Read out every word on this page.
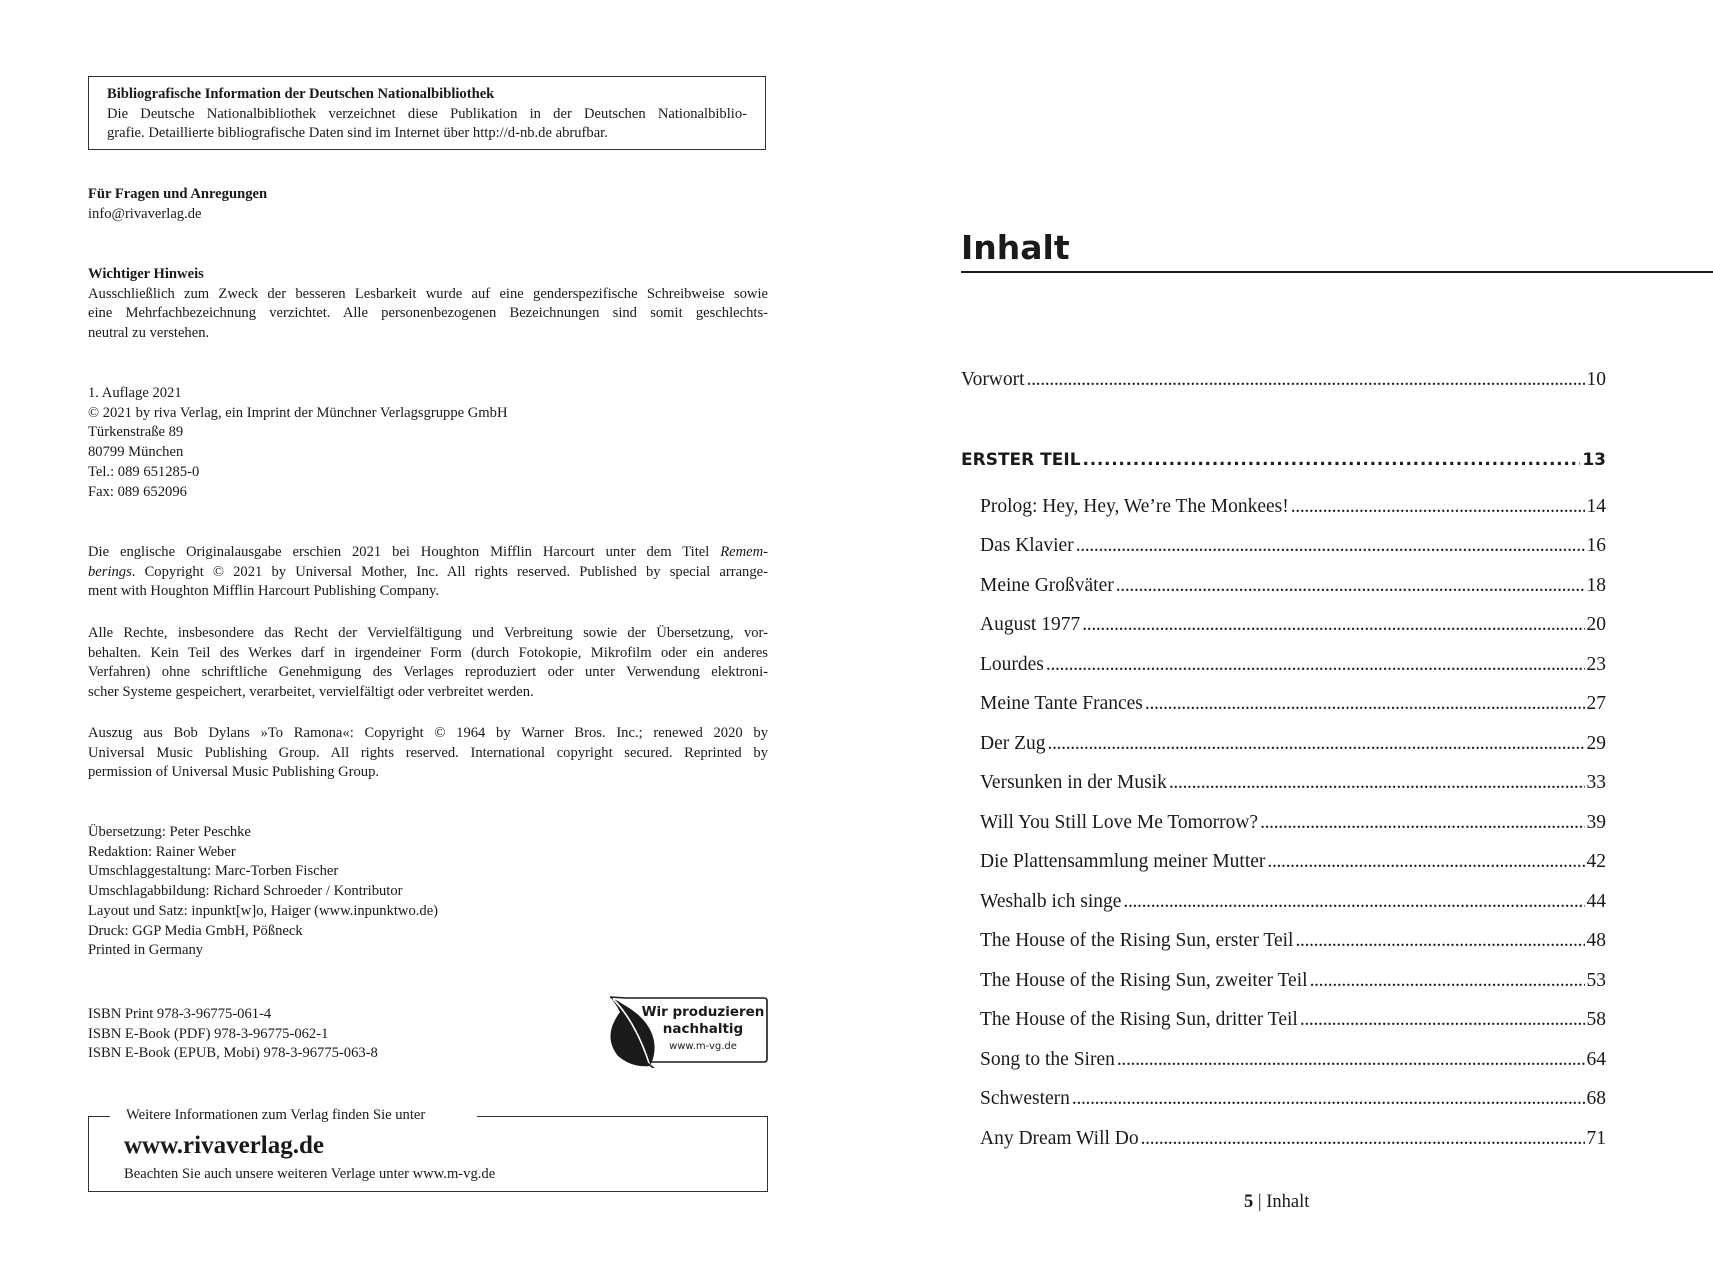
Bibliografische Information der Deutschen Nationalbibliothek
Die Deutsche Nationalbibliothek verzeichnet diese Publikation in der Deutschen Nationalbiblio-
grafie. Detaillierte bibliografische Daten sind im Internet über http://d-nb.de abrufbar.

Für Fragen und Anregungen

info@rivaverlag.de

Wichtiger Hinweis

Ausschließlich zum Zweck der besseren Lesbarkeit wurde auf eine genderspezifische Schreibweise sowie

eine Mehrfachbezeichnung verzichtet. Alle personenbezogenen Bezeichnungen sind somit geschlechts-

neutral zu verstehen.

1. Auflage 2021

© 2021 by riva Verlag, ein Imprint der Münchner Verlagsgruppe GmbH

Türkenstraße 89

80799 München

Tel.: 089 651285-0

Fax: 089 652096

Die englische Originalausgabe erschien 2021 bei Houghton Mifflin Harcourt unter dem Titel Remem-

berings. Copyright © 2021 by Universal Mother, Inc. All rights reserved. Published by special arrange-

ment with Houghton Mifflin Harcourt Publishing Company.

Alle Rechte, insbesondere das Recht der Vervielfältigung und Verbreitung sowie der Übersetzung, vor-

behalten. Kein Teil des Werkes darf in irgendeiner Form (durch Fotokopie, Mikrofilm oder ein anderes

Verfahren) ohne schriftliche Genehmigung des Verlages reproduziert oder unter Verwendung elektroni-

scher Systeme gespeichert, verarbeitet, vervielfältigt oder verbreitet werden.

Auszug aus Bob Dylans »To Ramona«: Copyright © 1964 by Warner Bros. Inc.; renewed 2020 by

Universal Music Publishing Group. All rights reserved. International copyright secured. Reprinted by

permission of Universal Music Publishing Group.

Übersetzung: Peter Peschke

Redaktion: Rainer Weber

Umschlaggestaltung: Marc-Torben Fischer

Umschlagabbildung: Richard Schroeder / Kontributor

Layout und Satz: inpunkt[w]o, Haiger (www.inpunktwo.de)

Druck: GGP Media GmbH, Pößneck

Printed in Germany

ISBN Print 978-3-96775-061-4

ISBN E-Book (PDF) 978-3-96775-062-1

ISBN E-Book (EPUB, Mobi) 978-3-96775-063-8

Wir produzieren
nachhaltig
www.m-vg.de
Weitere Informationen zum Verlag finden Sie unter
www.rivaverlag.de
Beachten Sie auch unsere weiteren Verlage unter www.m-vg.de
Inhalt
Vorwort . . .	10
ERSTER TEIL . . .	13
Prolog: Hey, Hey, We’re The Monkees! . . .	14
Das Klavier . . .	16
Meine Großväter . . .	18
August 1977 . . .	20
Lourdes . . .	23
Meine Tante Frances . . .	27
Der Zug . . .	29
Versunken in der Musik . . .	33
Will You Still Love Me Tomorrow? . . .	39
Die Plattensammlung meiner Mutter . . .	42
Weshalb ich singe . . .	44
The House of the Rising Sun, erster Teil . . .	48
The House of the Rising Sun, zweiter Teil . . .	53
The House of the Rising Sun, dritter Teil . . .	58
Song to the Siren . . .	64
Schwestern . . .	68
Any Dream Will Do . . .	71
5 | Inhalt
